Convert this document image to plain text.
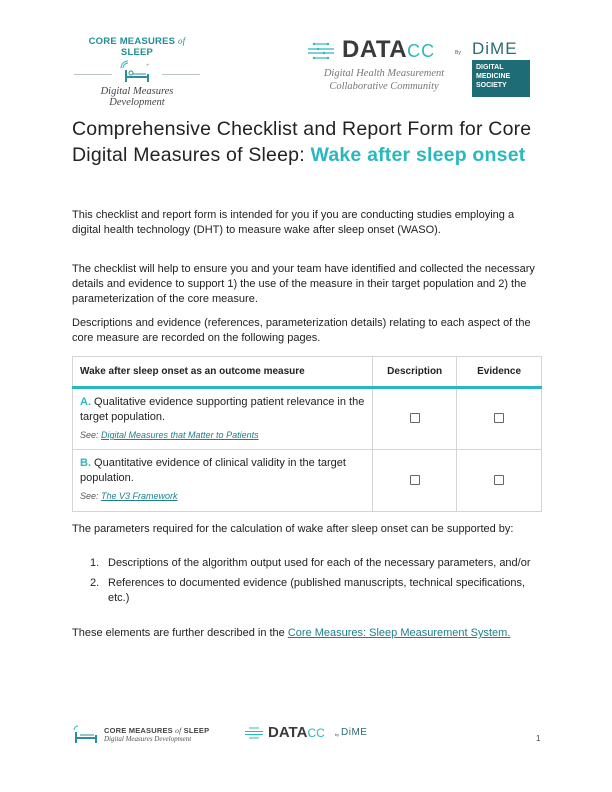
CORE MEASURES of SLEEP
+
Digital Measures Development
DATACC
Digital Health Measurement
Collaborative Community
By DiME
DIGITAL
MEDICINE
SOCIETY
Comprehensive Checklist and Report Form for Core Digital Measures of Sleep: Wake after sleep onset

This checklist and report form is intended for you if you are conducting studies employing a digital health technology (DHT) to measure wake after sleep onset (WASO).

The checklist will help to ensure you and your team have identified and collected the necessary details and evidence to support 1) the use of the measure in their target population and 2) the parameterization of the core measure.

Descriptions and evidence (references, parameterization details) relating to each aspect of the core measure are recorded on the following pages.

Wake after sleep onset as an outcome measure	Description	Evidence

A. Qualitative evidence supporting patient relevance in the target population.
See: Digital Measures that Matter to Patients		

B. Quantitative evidence of clinical validity in the target population.
See: The V3 Framework		

The parameters required for the calculation of wake after sleep onset can be supported by:

1. Descriptions of the algorithm output used for each of the necessary parameters, and/or
2. References to documented evidence (published manuscripts, technical specifications, etc.)

These elements are further described in the Core Measures: Sleep Measurement System.

CORE MEASURES of SLEEP
Digital Measures Development	DATACC	by DiME
1
